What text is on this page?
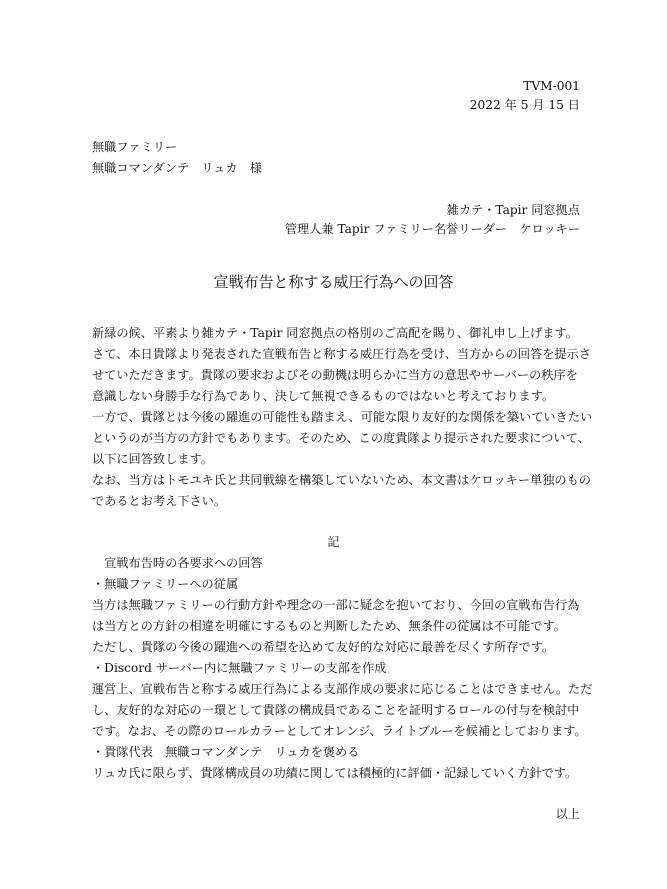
TVM-001
2022 年 5 月 15 日
無職ファミリー
無職コマンダンテ　リュカ　様
雑カテ・Tapir 同窓拠点
管理人兼 Tapir ファミリー名誉リーダー　ケロッキー
宣戦布告と称する威圧行為への回答
新緑の候、平素より雑カテ・Tapir 同窓拠点の格別のご高配を賜り、御礼申し上げます。
さて、本日貴隊より発表された宣戦布告と称する威圧行為を受け、当方からの回答を提示さ
せていただきます。貴隊の要求およびその動機は明らかに当方の意思やサーバーの秩序を
意識しない身勝手な行為であり、決して無視できるものではないと考えております。
一方で、貴隊とは今後の躍進の可能性も踏まえ、可能な限り友好的な関係を築いていきたい
というのが当方の方針でもあります。そのため、この度貴隊より提示された要求について、
以下に回答致します。
なお、当方はトモユキ氏と共同戦線を構築していないため、本文書はケロッキー単独のもの
であるとお考え下さい。
記
　宣戦布告時の各要求への回答
・無職ファミリーへの従属
当方は無職ファミリーの行動方針や理念の一部に疑念を抱いており、今回の宣戦布告行為
は当方との方針の相違を明確にするものと判断したため、無条件の従属は不可能です。
ただし、貴隊の今後の躍進への希望を込めて友好的な対応に最善を尽くす所存です。
・Discord サーバー内に無職ファミリーの支部を作成
運営上、宣戦布告と称する威圧行為による支部作成の要求に応じることはできません。ただ
し、友好的な対応の一環として貴隊の構成員であることを証明するロールの付与を検討中
です。なお、その際のロールカラーとしてオレンジ、ライトブルーを候補としております。
・貴隊代表　無職コマンダンテ　リュカを褒める
リュカ氏に限らず、貴隊構成員の功績に関しては積極的に評価・記録していく方針です。
以上
